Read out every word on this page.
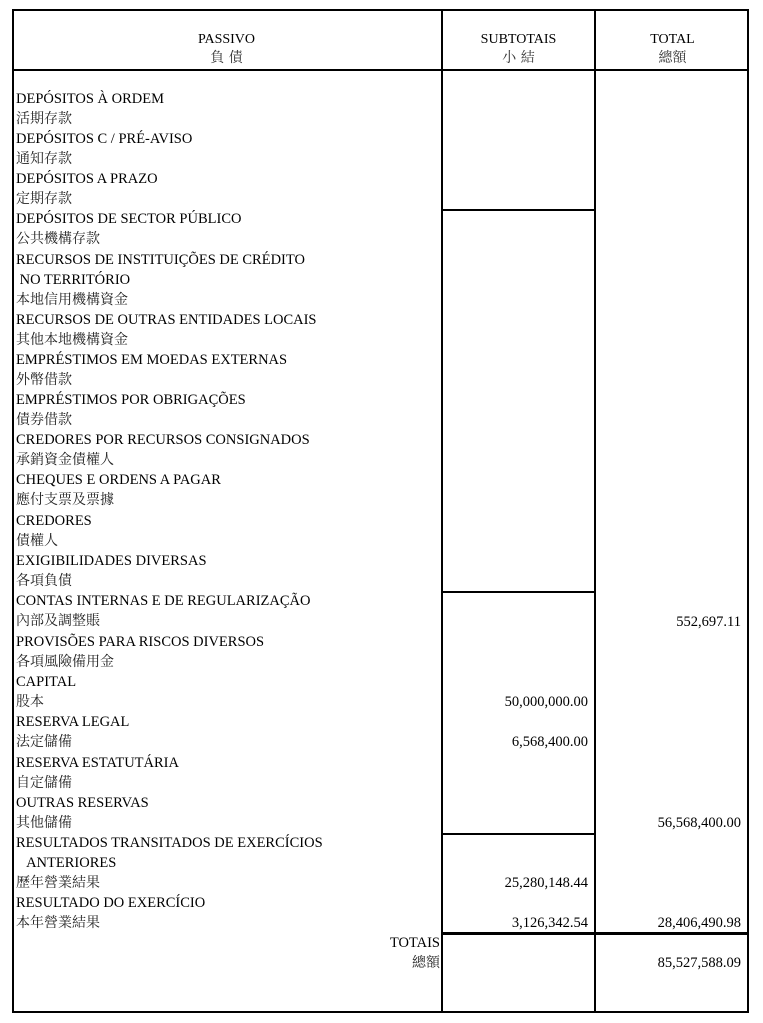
PASSIVO
負 債
SUBTOTAIS
小 結
TOTAL
總額
DEPÓSITOS À ORDEM
活期存款
DEPÓSITOS C / PRÉ-AVISO
通知存款
DEPÓSITOS A PRAZO
定期存款
DEPÓSITOS DE SECTOR PÚBLICO
公共機構存款
RECURSOS DE INSTITUIÇÕES DE CRÉDITO
NO TERRITÓRIO
本地信用機構資金
RECURSOS DE OUTRAS ENTIDADES LOCAIS
其他本地機構資金
EMPRÉSTIMOS EM MOEDAS EXTERNAS
外幣借款
EMPRÉSTIMOS POR OBRIGAÇÕES
債券借款
CREDORES POR RECURSOS CONSIGNADOS
承銷資金債權人
CHEQUES E ORDENS A PAGAR
應付支票及票據
CREDORES
債權人
EXIGIBILIDADES DIVERSAS
各項負債
CONTAS INTERNAS E DE REGULARIZAÇÃO
內部及調整賬
PROVISÕES PARA RISCOS DIVERSOS
各項風險備用金
CAPITAL
股本
RESERVA LEGAL
法定儲備
RESERVA ESTATUTÁRIA
自定儲備
OUTRAS RESERVAS
其他儲備
RESULTADOS TRANSITADOS DE EXERCÍCIOS
ANTERIORES
歷年營業結果
RESULTADO DO EXERCÍCIO
本年營業結果
552,697.11
50,000,000.00
6,568,400.00
56,568,400.00
25,280,148.44
3,126,342.54	28,406,490.98
TOTAIS
總額	85,527,588.09
